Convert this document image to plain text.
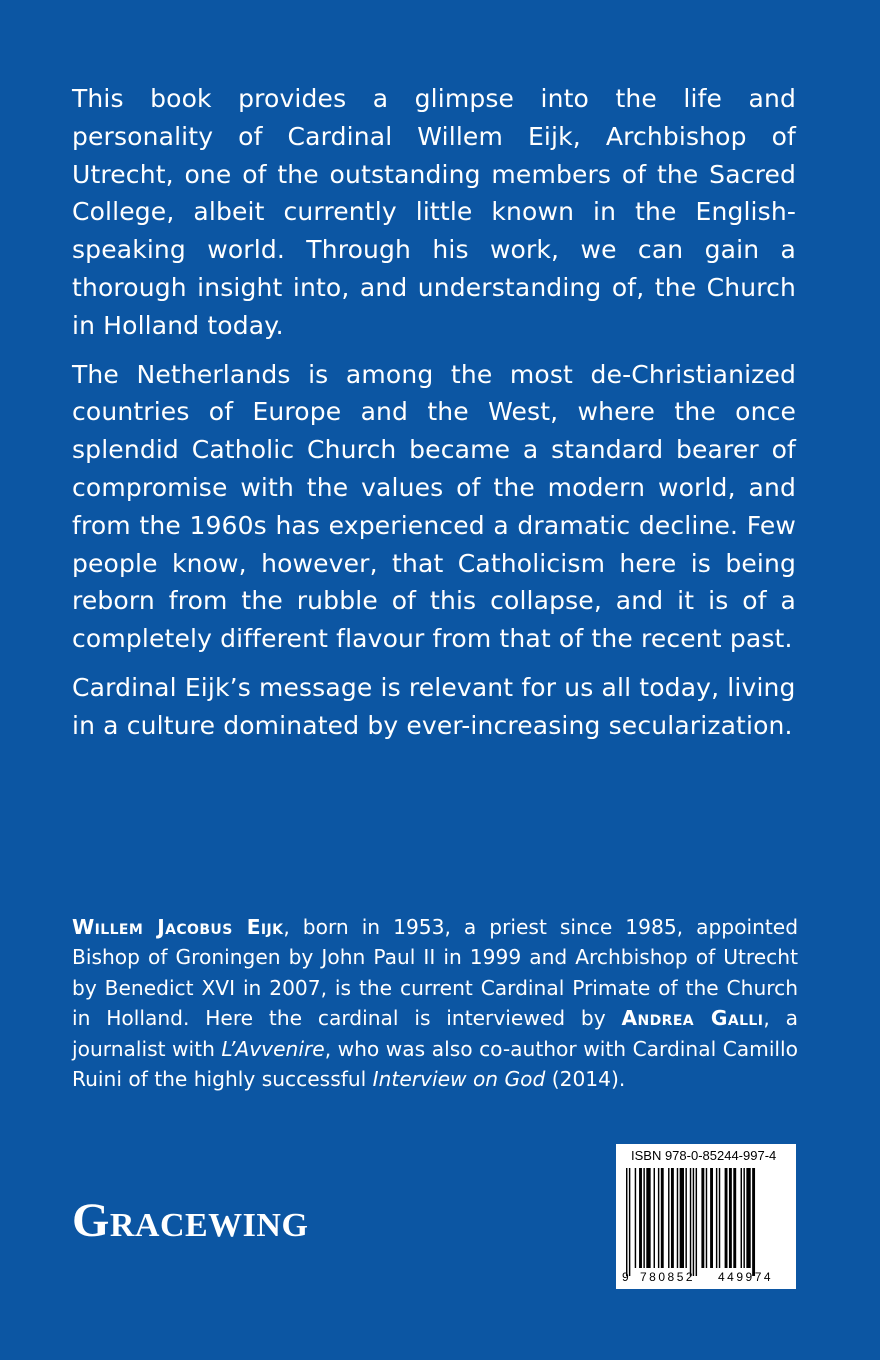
This book provides a glimpse into the life and personality of Cardinal Willem Eijk, Archbishop of Utrecht, one of the outstanding members of the Sacred College, albeit currently little known in the English-speaking world. Through his work, we can gain a thorough insight into, and understanding of, the Church in Holland today.

The Netherlands is among the most de-Christianized countries of Europe and the West, where the once splendid Catholic Church became a standard bearer of compromise with the values of the modern world, and from the 1960s has experienced a dramatic decline. Few people know, however, that Catholicism here is being reborn from the rubble of this collapse, and it is of a completely different flavour from that of the recent past.

Cardinal Eijk’s message is relevant for us all today, living in a culture dominated by ever-increasing secularization.

Willem Jacobus Eijk, born in 1953, a priest since 1985, appointed Bishop of Groningen by John Paul II in 1999 and Archbishop of Utrecht by Benedict XVI in 2007, is the current Cardinal Primate of the Church in Holland. Here the cardinal is interviewed by Andrea Galli, a journalist with L’Avvenire, who was also co-author with Cardinal Camillo Ruini of the highly successful Interview on God (2014).

Gracewing
ISBN 978-0-85244-997-4
9 780852 449974
